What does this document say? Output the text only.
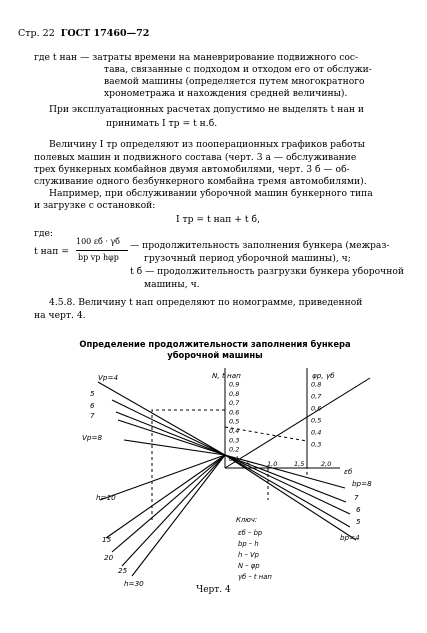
Стр. 22 ГОСТ 17460—72
где t нан — затраты времени на маневрирование подвижного сос-
тава, связанные с подходом и отходом его от обслужи-
ваемой машины (определяется путем многократного
хронометража и нахождения средней величины).
При эксплуатационных расчетах допустимо не выделять t нан и
принимать I тр = t н.б.
Величину I тр определяют из пооперационных графиков работы
полевых машин и подвижного состава (черт. 3 а — обслуживание
трех бункерных комбайнов двумя автомобилями, черт. 3 б — об-
служивание одного безбункерного комбайна тремя автомобилями).
Например, при обслуживании уборочной машин бункерного типа
и загрузке с остановкой:
I тр = t нап + t б,
где:
t нап =
100 εб · γб
bр vр hφр
— продолжительность заполнения бункера (межраз-
грузочный период уборочной машины), ч;
t б — продолжительность разгрузки бункера уборочной
машины, ч.
4.5.8. Величину t нап определяют по номограмме, приведенной
на черт. 4.
Определение продолжительности заполнения бункера
уборочной машины
N, t нап	φр, γб
εб
0,9
0,8
0,7
0,6
0,5
0,4
0,3
0,2
0,1
0,8
0,7
0,6
0,5
0,4
0,3
0,5	1,0	1,5	2,0
Vр=4
5
6
7
Vр=8
h=10
15
20
25
h=30
bр=8
7
6
5
bр=4
Ключ:
εб – bр
bр – h
h – Vр
N – φр
γб – t нап
Черт. 4
